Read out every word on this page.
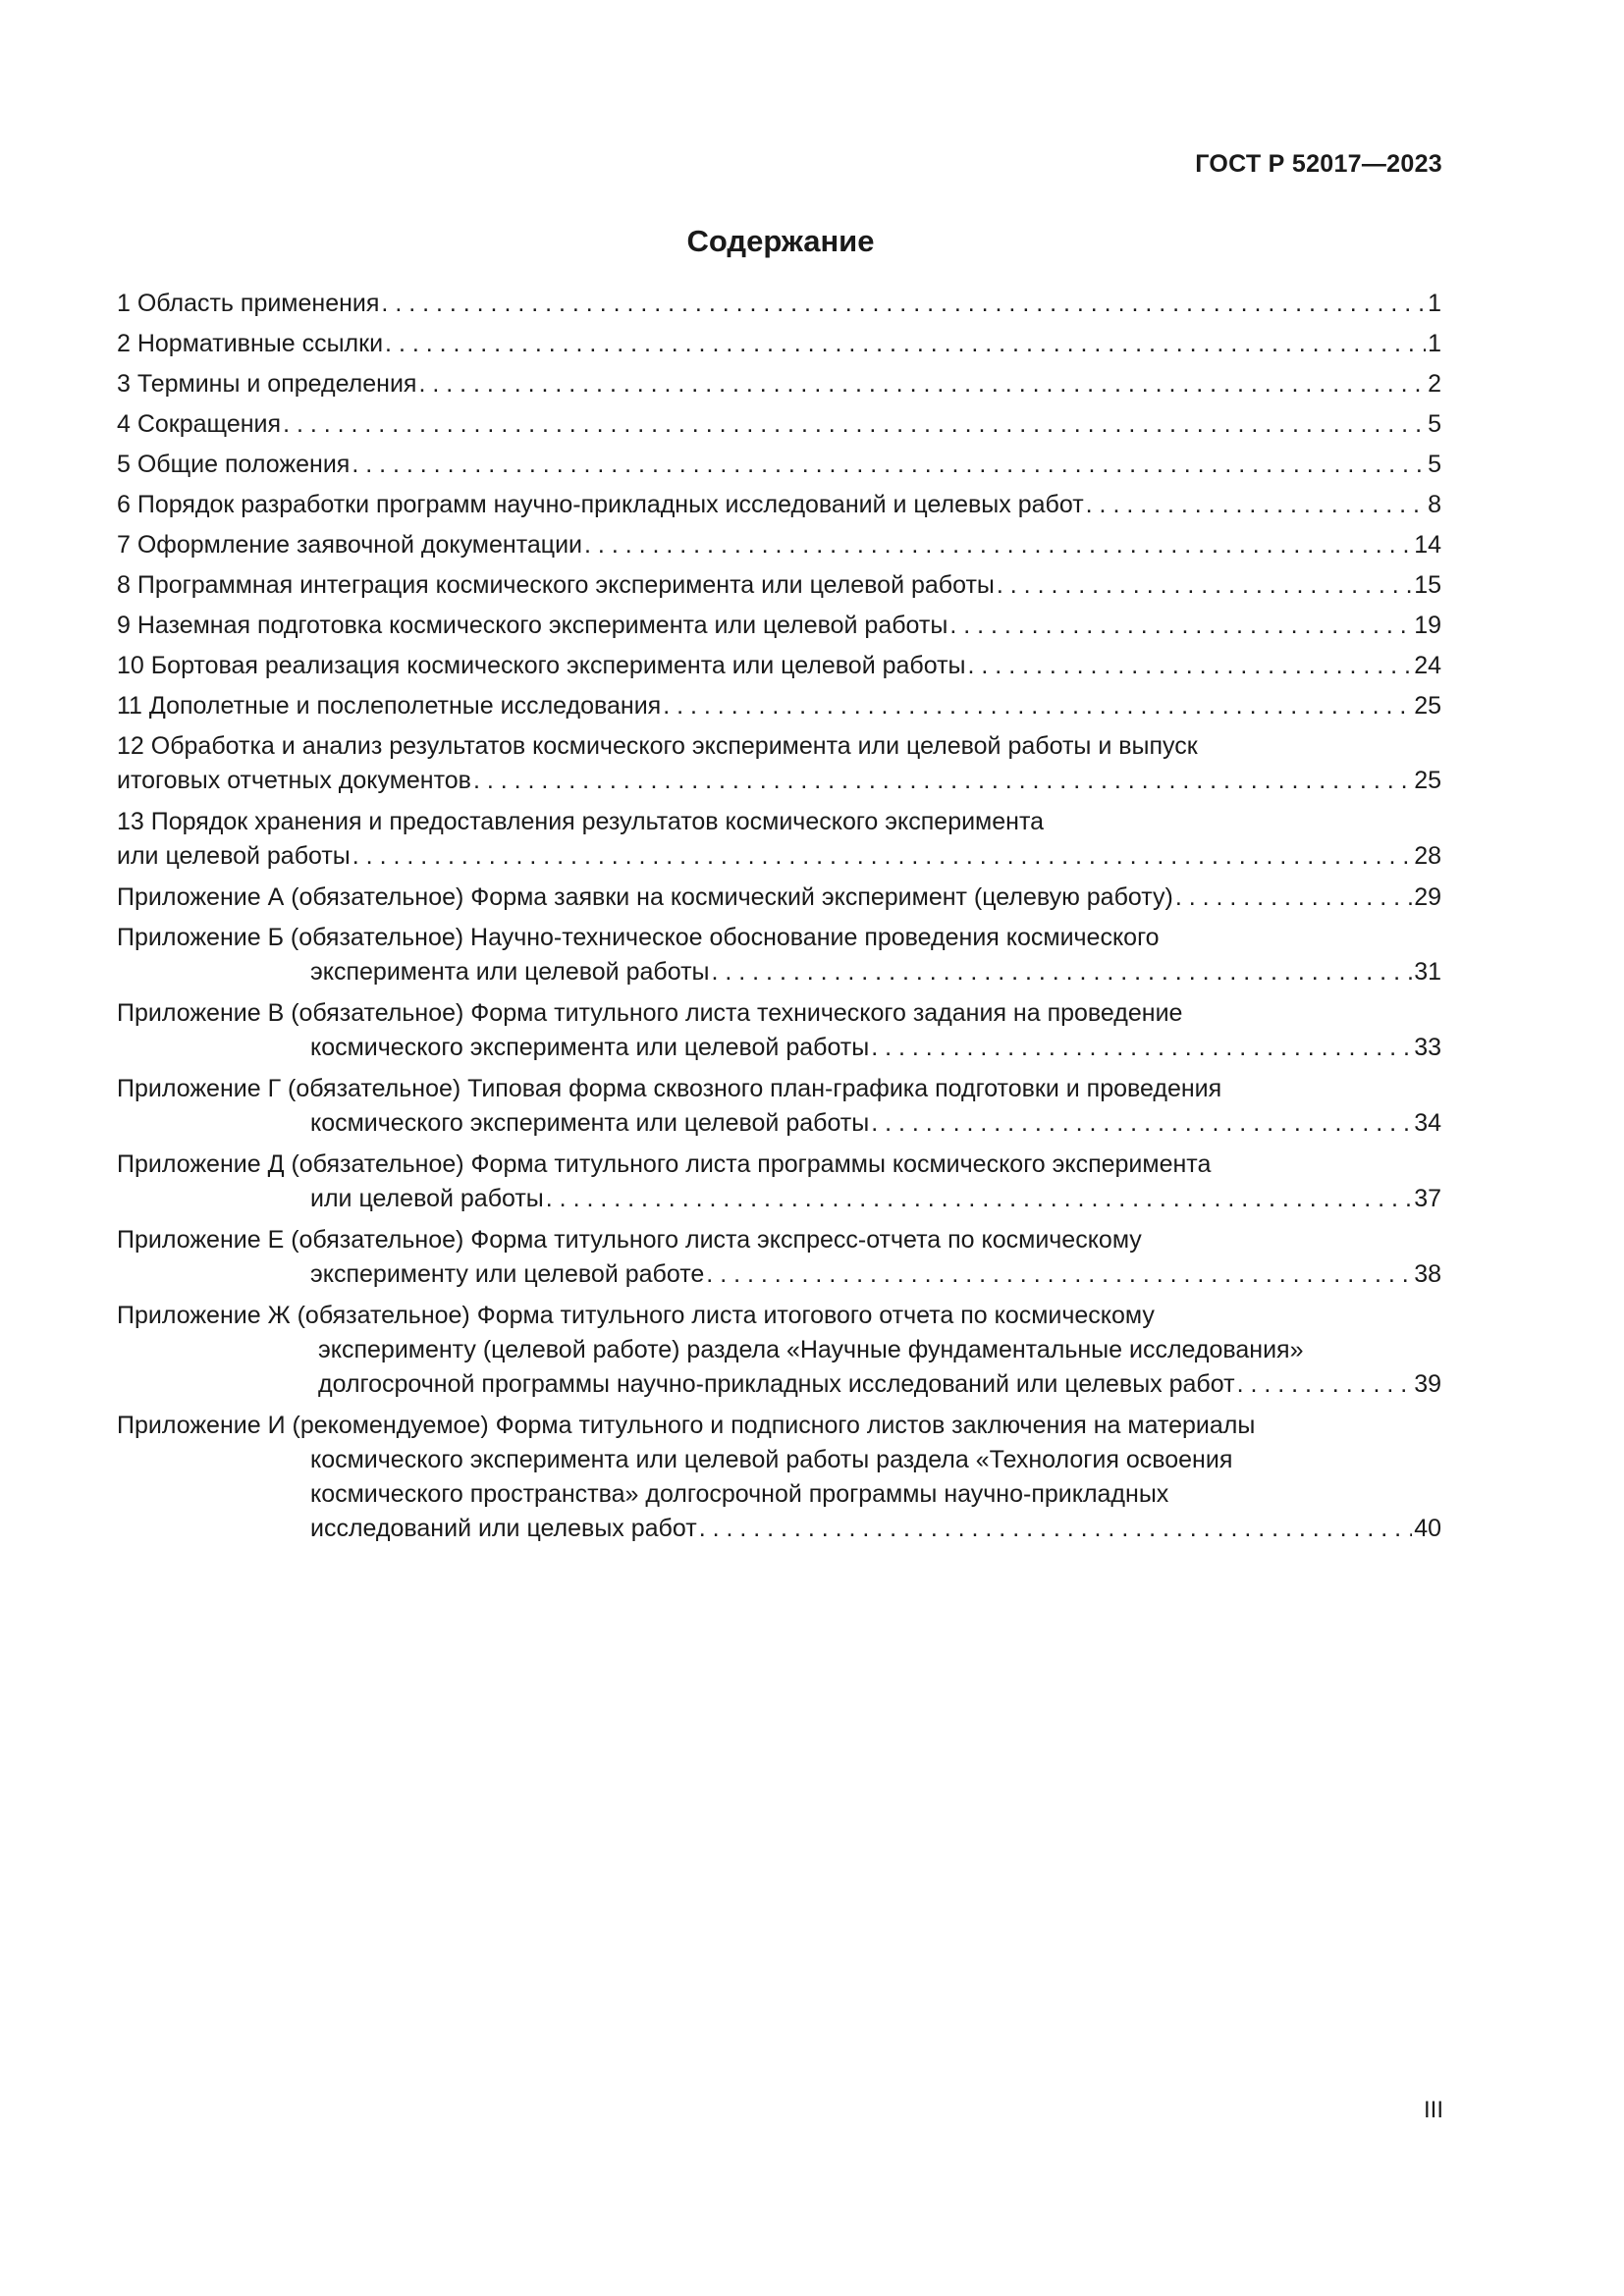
ГОСТ Р 52017—2023
Содержание
1 Область применения . . .	1
2 Нормативные ссылки . . .	1
3 Термины и определения . . .	2
4 Сокращения . . .	5
5 Общие положения . . .	5
6 Порядок разработки программ научно-прикладных исследований и целевых работ . . .	8
7 Оформление заявочной документации . . .	14
8 Программная интеграция космического эксперимента или целевой работы . . .	15
9 Наземная подготовка космического эксперимента или целевой работы . . .	19
10 Бортовая реализация космического эксперимента или целевой работы . . .	24
11 Дополетные и послеполетные исследования . . .	25
12 Обработка и анализ результатов космического эксперимента или целевой работы и выпуск
итоговых отчетных документов . . .	25
13 Порядок хранения и предоставления результатов космического эксперимента
или целевой работы . . .	28
Приложение А (обязательное) Форма заявки на космический эксперимент (целевую работу) . . .	29
Приложение Б (обязательное) Научно-техническое обоснование проведения космического
эксперимента или целевой работы . . .	31
Приложение В (обязательное) Форма титульного листа технического задания на проведение
космического эксперимента или целевой работы . . .	33
Приложение Г (обязательное) Типовая форма сквозного план-графика подготовки и проведения
космического эксперимента или целевой работы . . .	34
Приложение Д (обязательное) Форма титульного листа программы космического эксперимента
или целевой работы . . .	37
Приложение Е (обязательное) Форма титульного листа экспресс-отчета по космическому
эксперименту или целевой работе . . .	38
Приложение Ж (обязательное) Форма титульного листа итогового отчета по космическому
эксперименту (целевой работе) раздела «Научные фундаментальные исследования»
долгосрочной программы научно-прикладных исследований или целевых работ . . .	39
Приложение И (рекомендуемое) Форма титульного и подписного листов заключения на материалы
космического эксперимента или целевой работы раздела «Технология освоения
космического пространства» долгосрочной программы научно-прикладных
исследований или целевых работ . . .	40
III
